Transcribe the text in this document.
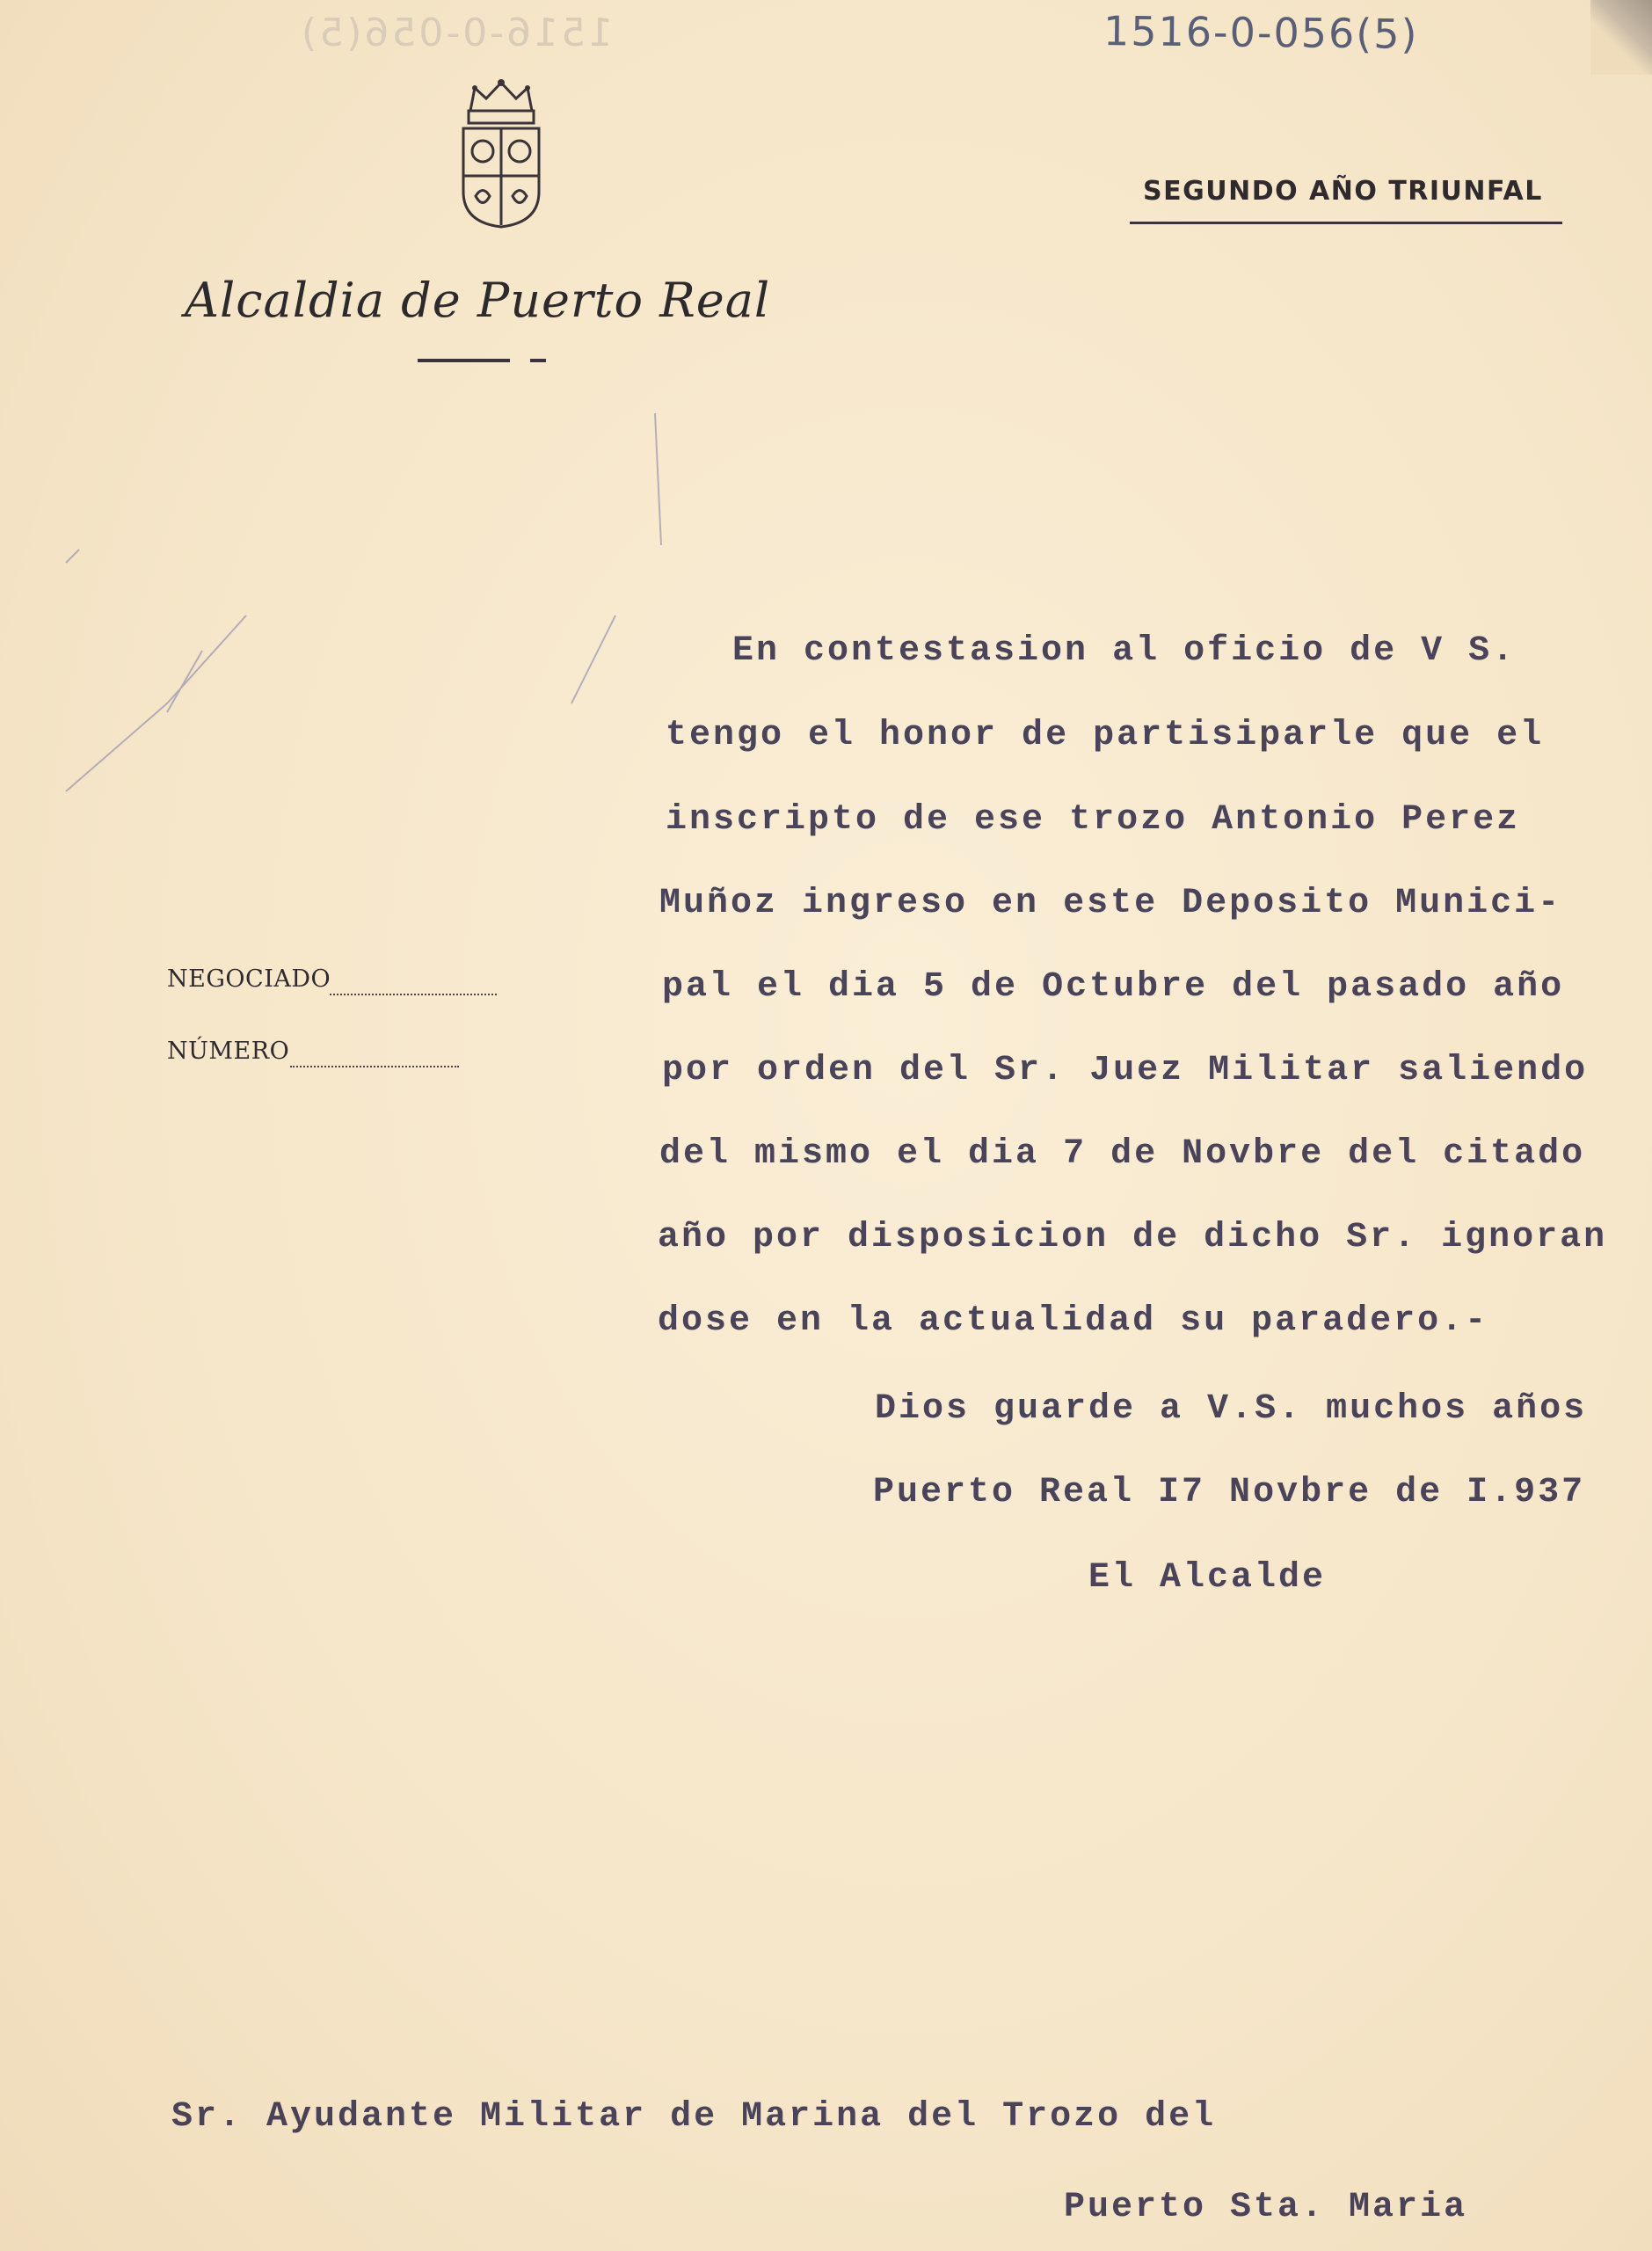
1516-0-056(5)	1516-0-056(5)
SEGUNDO AÑO TRIUNFAL
Alcaldia de Puerto Real
NEGOCIADO
NÚMERO
En contestasion al oficio de V S.
tengo el honor de partisiparle que el
inscripto de ese trozo Antonio Perez
Muñoz ingreso en este Deposito Munici-
pal el dia 5 de Octubre del pasado año
por orden del Sr. Juez Militar saliendo
del mismo el dia 7 de Novbre del citado
año por disposicion de dicho Sr. ignoran
dose en la actualidad su paradero.-
Dios guarde a V.S. muchos años
Puerto Real I7 Novbre de I.937
El Alcalde
Sr. Ayudante Militar de Marina del Trozo del
Puerto Sta. Maria
